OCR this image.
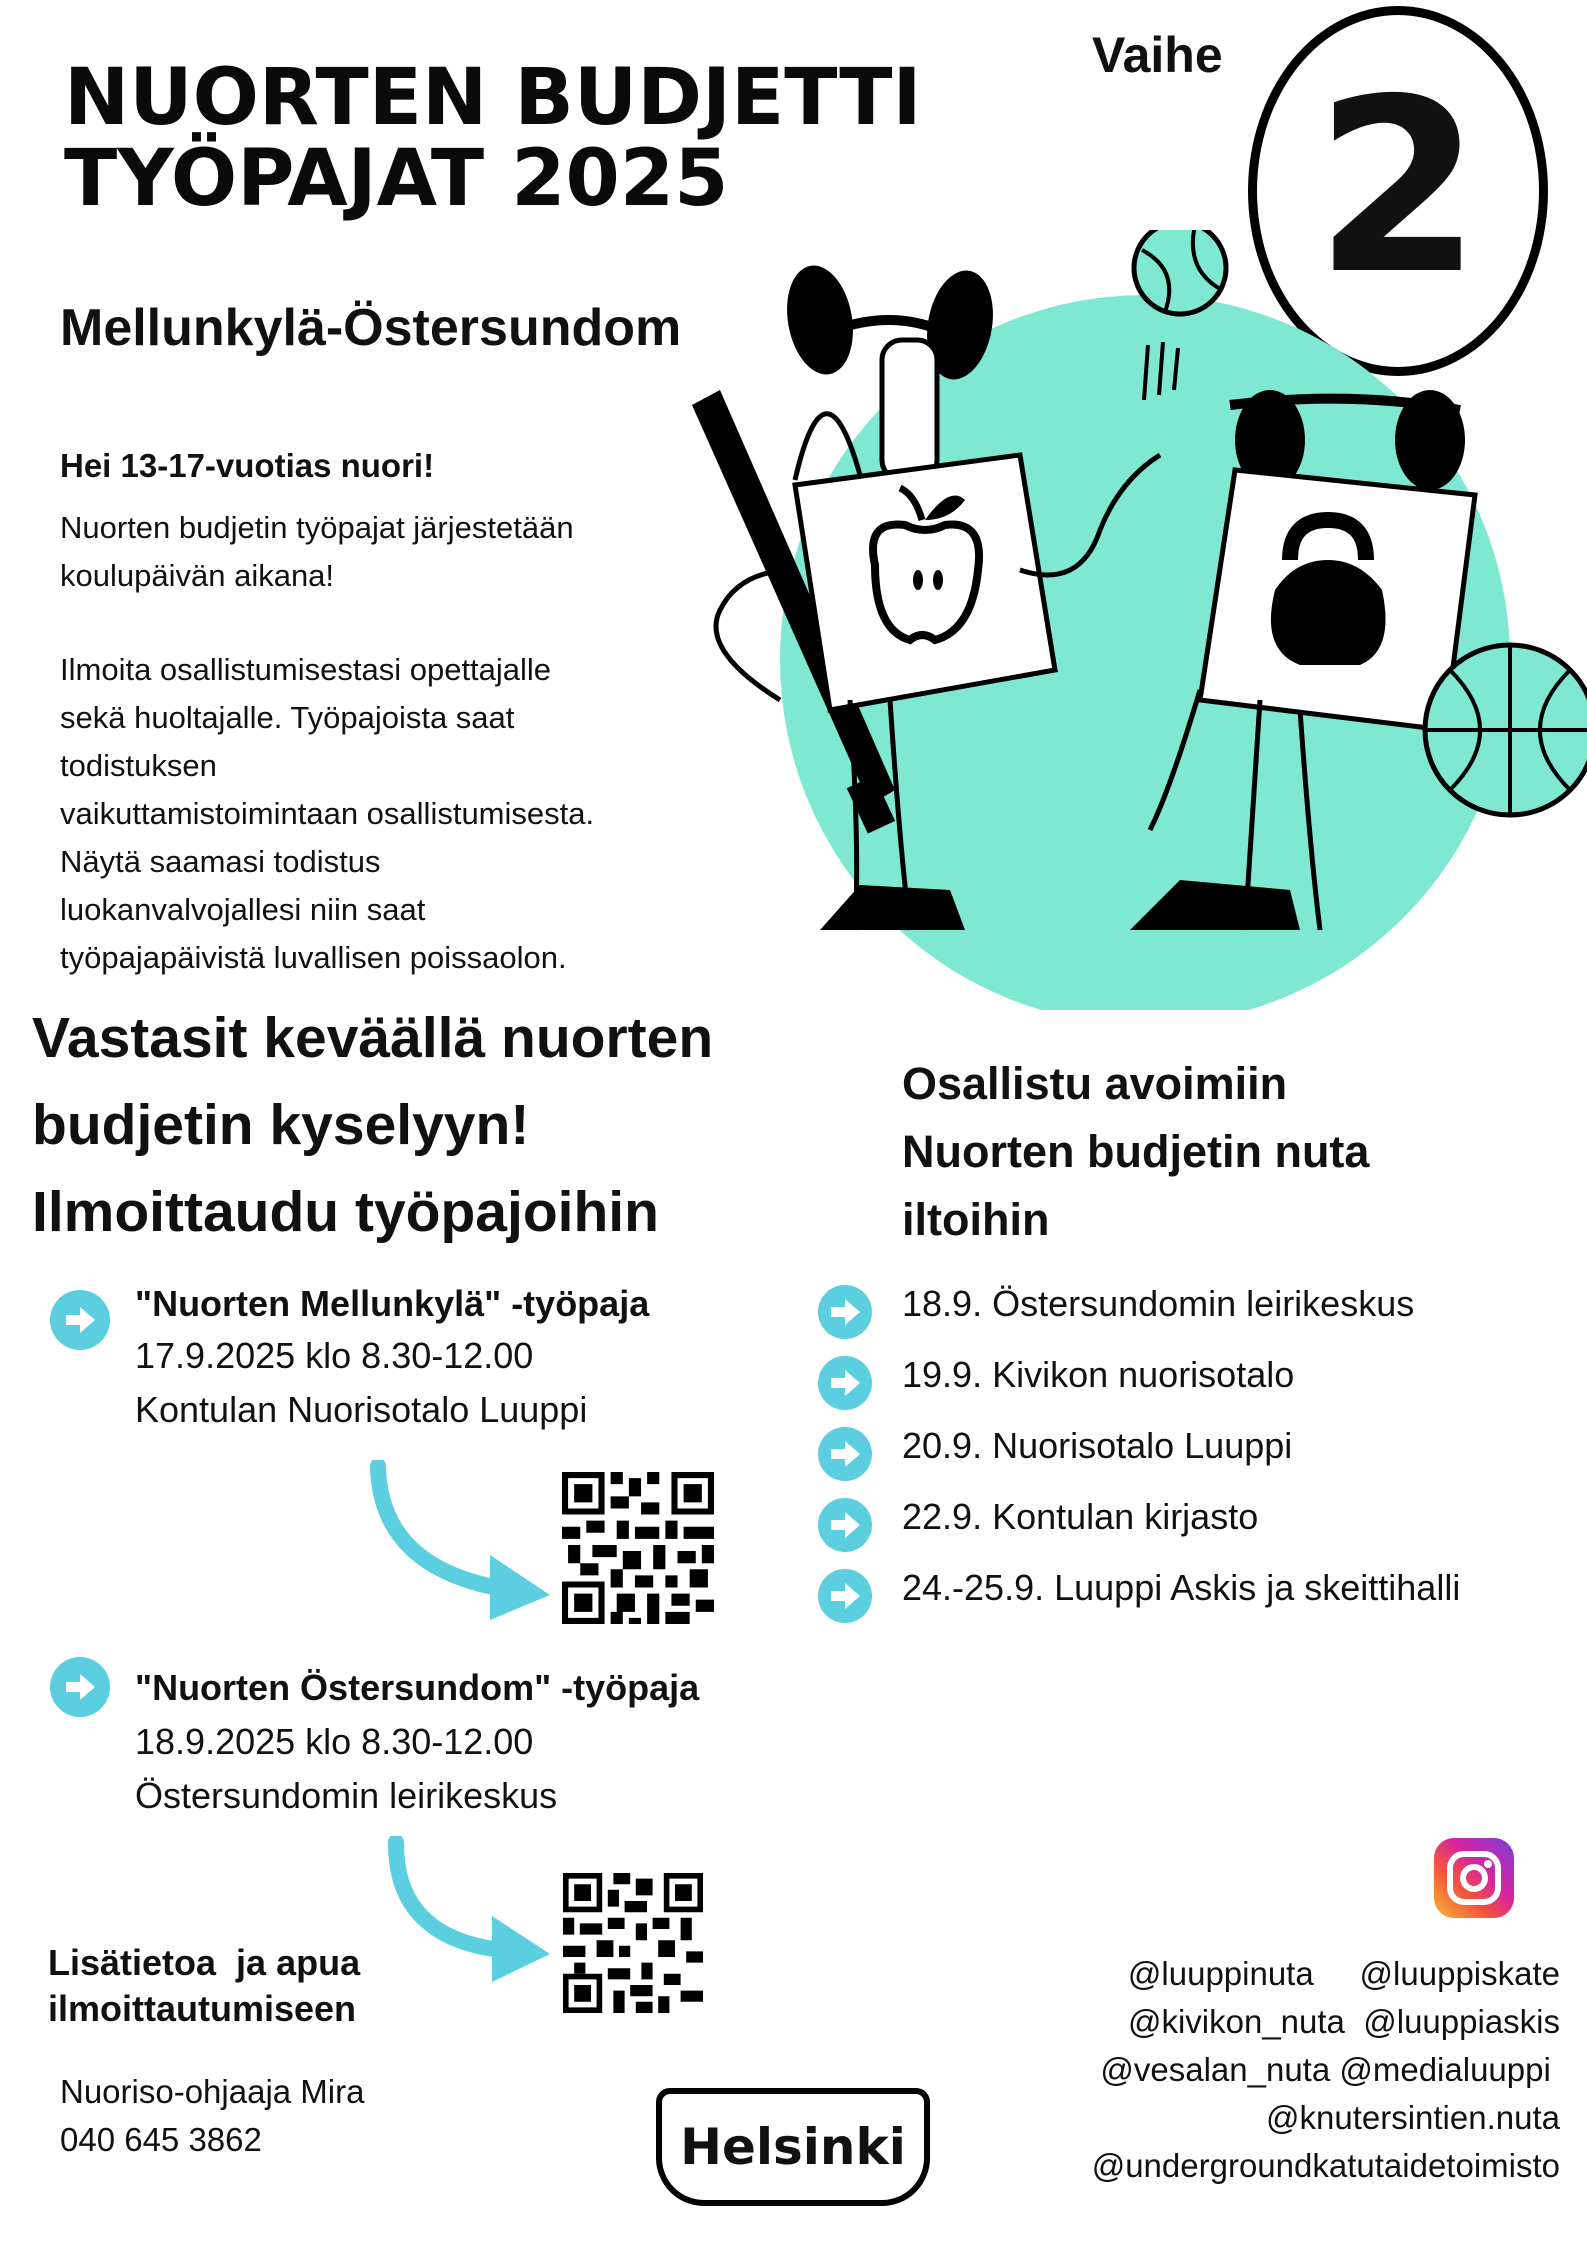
NUORTEN BUDJETTI
TYÖPAJAT 2025
Mellunkylä-Östersundom
Vaihe 2
Hei 13-17-vuotias nuori!
Nuorten budjetin työpajat järjestetään
koulupäivän aikana!
Ilmoita osallistumisestasi opettajalle
sekä huoltajalle. Työpajoista saat
todistuksen
vaikuttamistoimintaan osallistumisesta.
Näytä saamasi todistus
luokanvalvojallesi niin saat
työpajapäivistä luvallisen poissaolon.
Vastasit keväällä nuorten
budjetin kyselyyn!
Ilmoittaudu työpajoihin
"Nuorten Mellunkylä" -työpaja
17.9.2025 klo 8.30-12.00
Kontulan Nuorisotalo Luuppi
"Nuorten Östersundom" -työpaja
18.9.2025 klo 8.30-12.00
Östersundomin leirikeskus
Osallistu avoimiin
Nuorten budjetin nuta
iltoihin
18.9. Östersundomin leirikeskus
19.9. Kivikon nuorisotalo
20.9. Nuorisotalo Luuppi
22.9. Kontulan kirjasto
24.-25.9. Luuppi Askis ja skeittihalli
Lisätietoa  ja apua
ilmoittautumiseen
Nuoriso-ohjaaja Mira
040 645 3862
@luuppinuta     @luuppiskate
@kivikon_nuta  @luuppiaskis
@vesalan_nuta @medialuuppi
@knutersintien.nuta
@undergroundkatutaidetoimisto
Helsinki
